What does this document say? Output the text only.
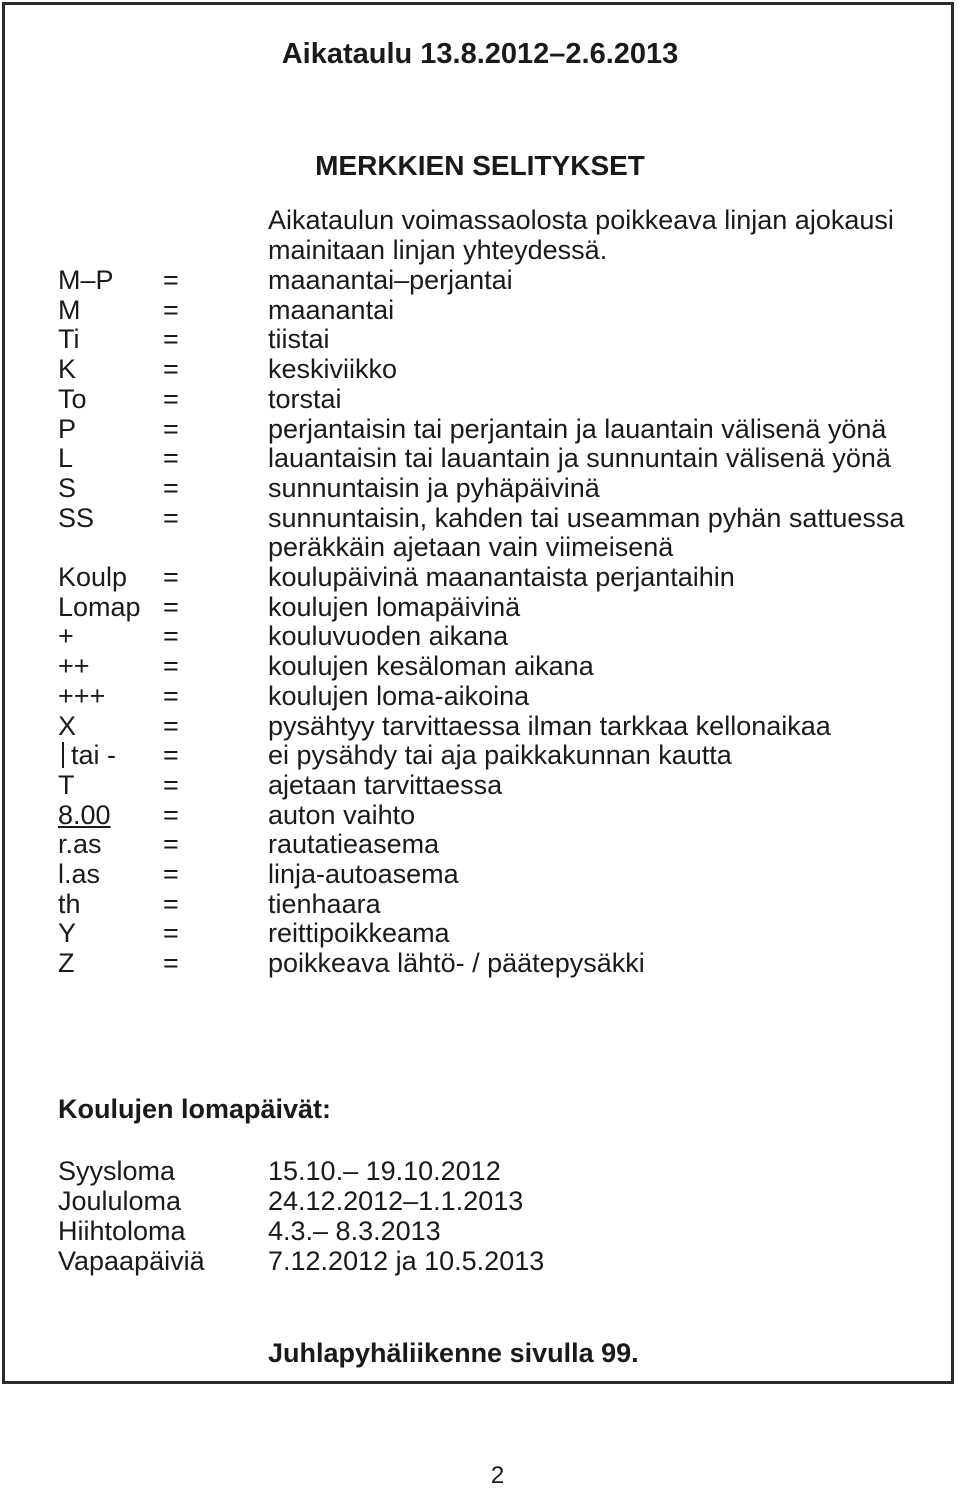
Aikataulu 13.8.2012–2.6.2013
MERKKIEN SELITYKSET
Aikataulun voimassaolosta poikkeava linjan ajokausi mainitaan linjan yhteydessä.
M–P	=	maanantai–perjantai
M	=	maanantai
Ti	=	tiistai
K	=	keskiviikko
To	=	torstai
P	=	perjantaisin tai perjantain ja lauantain välisenä yönä
L	=	lauantaisin tai lauantain ja sunnuntain välisenä yönä
S	=	sunnuntaisin ja pyhäpäivinä
SS	=	sunnuntaisin, kahden tai useamman pyhän sattuessa peräkkäin ajetaan vain viimeisenä
Koulp	=	koulupäivinä maanantaista perjantaihin
Lomap =	koulujen lomapäivinä
+	=	kouluvuoden aikana
++	=	koulujen kesäloman aikana
+++	=	koulujen loma-aikoina
X	=	pysähtyy tarvittaessa ilman tarkkaa kellonaikaa
tai -	=	ei pysähdy tai aja paikkakunnan kautta
T	=	ajetaan tarvittaessa
8.00	=	auton vaihto
r.as	=	rautatieasema
l.as	=	linja-autoasema
th	=	tienhaara
Y	=	reittipoikkeama
Z	=	poikkeava lähtö- / päätepysäkki
Koulujen lomapäivät:
Syysloma	15.10.– 19.10.2012
Joululoma	24.12.2012–1.1.2013
Hiihtoloma	4.3.– 8.3.2013
Vapaapäiviä	7.12.2012 ja 10.5.2013
Juhlapyhäliikenne sivulla 99.
2
